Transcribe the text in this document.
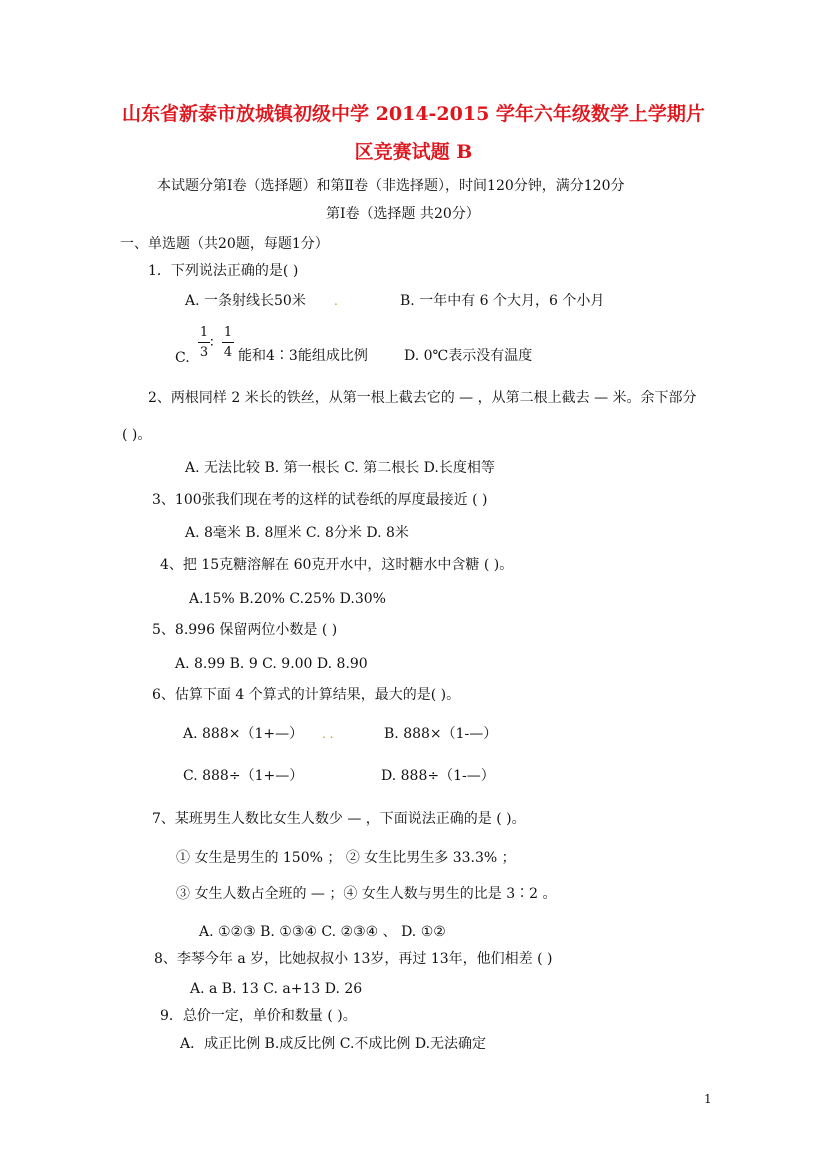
山东省新泰市放城镇初级中学 2014-2015 学年六年级数学上学期片
区竞赛试题 B
本试题分第Ⅰ卷（选择题）和第Ⅱ卷（非选择题），时间120分钟，满分120分
第Ⅰ卷（选择题 共20分）
一、单选题（共20题，每题1分）
1．下列说法正确的是( )
A. 一条射线长50米 .	B. 一年中有 6 个大月，6 个小月
C.
1
3
∶
1
4 能和4∶3能组成比例	D. 0℃表示没有温度
2、两根同样 2 米长的铁丝，从第一根上截去它的 — ，从第二根上截去 — 米。余下部分
( )。
A. 无法比较 B. 第一根长 C. 第二根长 D.长度相等
3、100张我们现在考的这样的试卷纸的厚度最接近 ( )
A. 8毫米 B. 8厘米 C. 8分米 D. 8米
4、把 15克糖溶解在 60克开水中，这时糖水中含糖 ( )。
A.15% B.20% C.25% D.30%
5、8.996 保留两位小数是 ( )
A. 8.99 B. 9 C. 9.00 D. 8.90
6、估算下面 4 个算式的计算结果，最大的是( )。
A. 888×（1+—） . .	B. 888×（1-—）
C. 888÷（1+—）	D. 888÷（1-—）
7、某班男生人数比女生人数少 — ，下面说法正确的是 ( )。
① 女生是男生的 150% ； ② 女生比男生多 33.3% ；
③ 女生人数占全班的 — ；④ 女生人数与男生的比是 3∶2 。
A. ①②③ B. ①③④ C. ②③④ 、 D. ①②
8、李琴今年 a 岁，比她叔叔小 13岁，再过 13年，他们相差 ( )
A. a B. 13 C. a+13 D. 26
9．总价一定，单价和数量 ( )。
A．成正比例 B.成反比例 C.不成比例 D.无法确定
1
